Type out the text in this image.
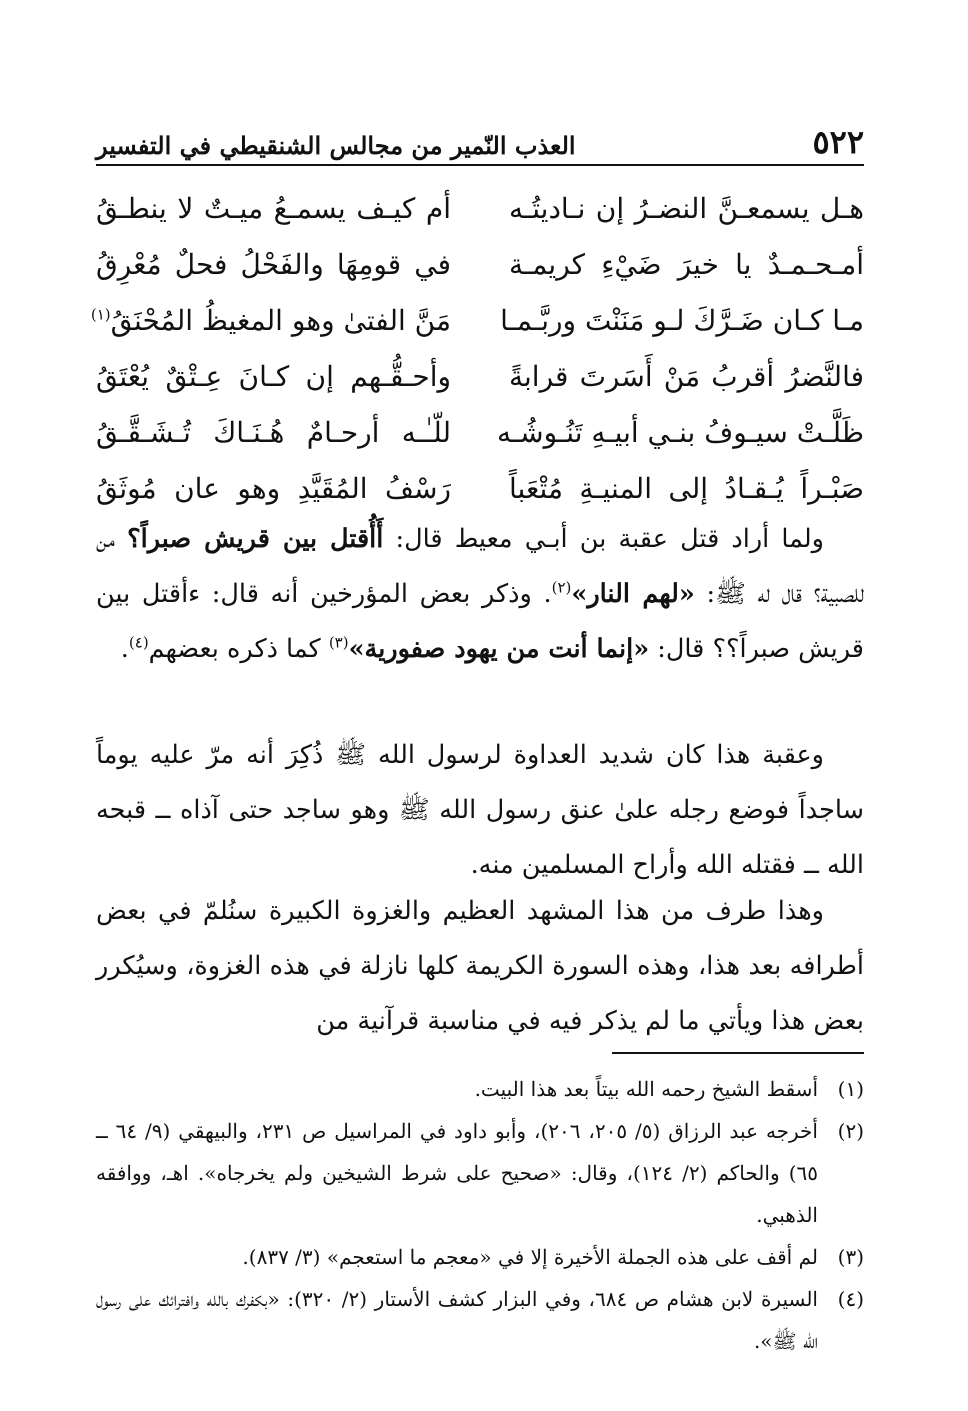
٥٢٢
العذب النّمير من مجالس الشنقيطي في التفسير
هـل يسمعـنَّ النضـرُ إن نـاديتُـه
أم كيـف يسمـعُ ميـتٌ لا ينطـقُ
أمـحـمـدٌ يا خيرَ ضَيْءِ كريمـة
في قومِهَا والفَحْلُ فحلٌ مُعْرِقُ
مـا كـان ضَـرَّكَ لـو مَنَنْتَ وربَّـمـا
مَنَّ الفتىٰ وهو المغيظُ المُحْنَقُ$^{(١)}$
فالنَّضرُ أقربُ مَنْ أَسَرتَ قرابةً
وأحـقُّـهم إن كـانَ عِـتْقٌ يُعْتَقُ
ظَلَّـتْ سيـوفُ بنـي أبيـهِ تَنُـوشُـه
للّـٰـه أرحـامٌ هُـنَـاكَ تُـشَـقَّـقُ
صَبْـراً يُـقـادُ إلى المنيـةِ مُتْعَباً
رَسْفُ المُقَيَّدِ وهو عان مُوثَقُ

ولما أراد قتل عقبة بن أبـي معيط قال: أَأُقتل بين قريش صبراً؟ من للصبية؟ قال له ﷺ: «لهم النار»$^{(٢)}$. وذكر بعض المؤرخين أنه قال: ءأقتل بين قريش صبراً؟؟ قال: «إنما أنت من يهود صفورية»$^{(٣)}$ كما ذكره بعضهم$^{(٤)}$.

وعقبة هذا كان شديد العداوة لرسول الله ﷺ ذُكِرَ أنه مرّ عليه يوماً ساجداً فوضع رجله علىٰ عنق رسول الله ﷺ وهو ساجد حتى آذاه ــ قبحه الله ــ فقتله الله وأراح المسلمين منه.

وهذا طرف من هذا المشهد العظيم والغزوة الكبيرة سنُلمّ في بعض أطرافه بعد هذا، وهذه السورة الكريمة كلها نازلة في هذه الغزوة، وسيُكرر بعض هذا ويأتي ما لم يذكر فيه في مناسبة قرآنية من

(١)
أسقط الشيخ رحمه الله بيتاً بعد هذا البيت.
(٢)
أخرجه عبد الرزاق (٥/ ٢٠٥، ٢٠٦)، وأبو داود في المراسيل ص ٢٣١، والبيهقي (٩/ ٦٤ ــ ٦٥) والحاكم (٢/ ١٢٤)، وقال: «صحيح على شرط الشيخين ولم يخرجاه». اهـ، ووافقه الذهبي.
(٣)
لم أقف على هذه الجملة الأخيرة إلا في «معجم ما استعجم» (٣/ ٨٣٧).
(٤)
السيرة لابن هشام ص ٦٨٤، وفي البزار كشف الأستار (٢/ ٣٢٠): «بكفرك بالله وافترائك على رسول الله ﷺ».
